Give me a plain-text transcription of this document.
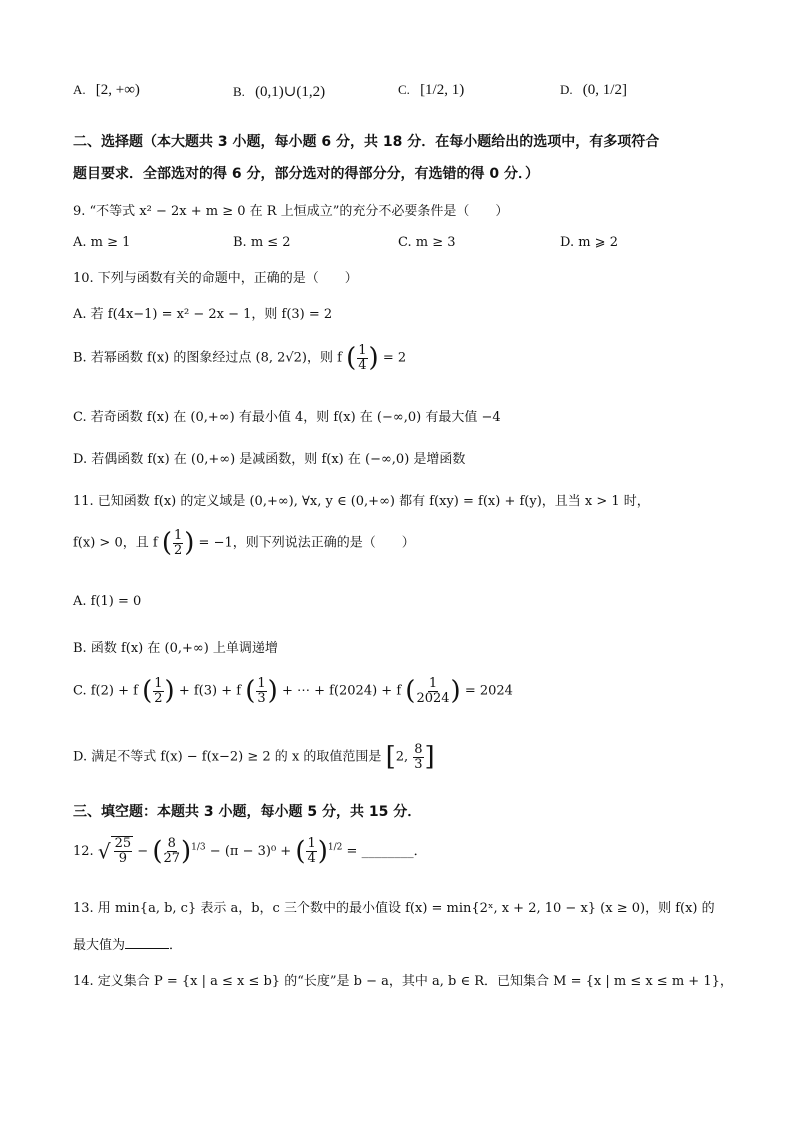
A. [2, +∞)	B. (0,1)∪(1,2)	C. [1/2, 1)	D. (0, 1/2]
二、选择题（本大题共 3 小题，每小题 6 分，共 18 分．在每小题给出的选项中，有多项符合
题目要求．全部选对的得 6 分，部分选对的得部分分，有选错的得 0 分．）
9. “不等式 x² − 2x + m ≥ 0 在 R 上恒成立”的充分不必要条件是（　　）
A. m ≥ 1	B. m ≤ 2	C. m ≥ 3	D. m ⩾ 2
10. 下列与函数有关的命题中，正确的是（　　）
A. 若 f(4x−1) = x² − 2x − 1，则 f(3) = 2
B. 若幂函数 f(x) 的图象经过点 (8, 2√2)，则 f ( $\frac{1}{4}$ ) = 2
C. 若奇函数 f(x) 在 (0,+∞) 有最小值 4，则 f(x) 在 (−∞,0) 有最大值 −4
D. 若偶函数 f(x) 在 (0,+∞) 是减函数，则 f(x) 在 (−∞,0) 是增函数
11. 已知函数 f(x) 的定义域是 (0,+∞), ∀x, y ∈ (0,+∞) 都有 f(xy) = f(x) + f(y)，且当 x > 1 时，
f(x) > 0，且 f ( $\frac{1}{2}$ ) = −1，则下列说法正确的是（　　）
A. f(1) = 0
B. 函数 f(x) 在 (0,+∞) 上单调递增
C. f(2) + f ( $\frac{1}{2}$ ) + f(3) + f ( $\frac{1}{3}$ ) + ⋯ + f(2024) + f ( $\frac{1}{2024}$ ) = 2024
D. 满足不等式 f(x) − f(x−2) ≥ 2 的 x 的取值范围是 [2, $\frac{8}{3}$ ]
三、填空题：本题共 3 小题，每小题 5 分，共 15 分．
12. √ $\frac{25}{9}$ − ( $\frac{8}{27} )^{1/3} - (\pi - 3)^0$ + ( $\frac{1}{4} )^{1/2}$ = ________．
13. 用 min{a, b, c} 表示 a，b，c 三个数中的最小值设 f(x) = min{2ˣ, x + 2, 10 − x} (x ≥ 0)，则 f(x) 的
最大值为	．
14. 定义集合 P = {x | a ≤ x ≤ b} 的“长度”是 b − a，其中 a, b ∈ R．已知集合 M = {x | m ≤ x ≤ m + 1}，
